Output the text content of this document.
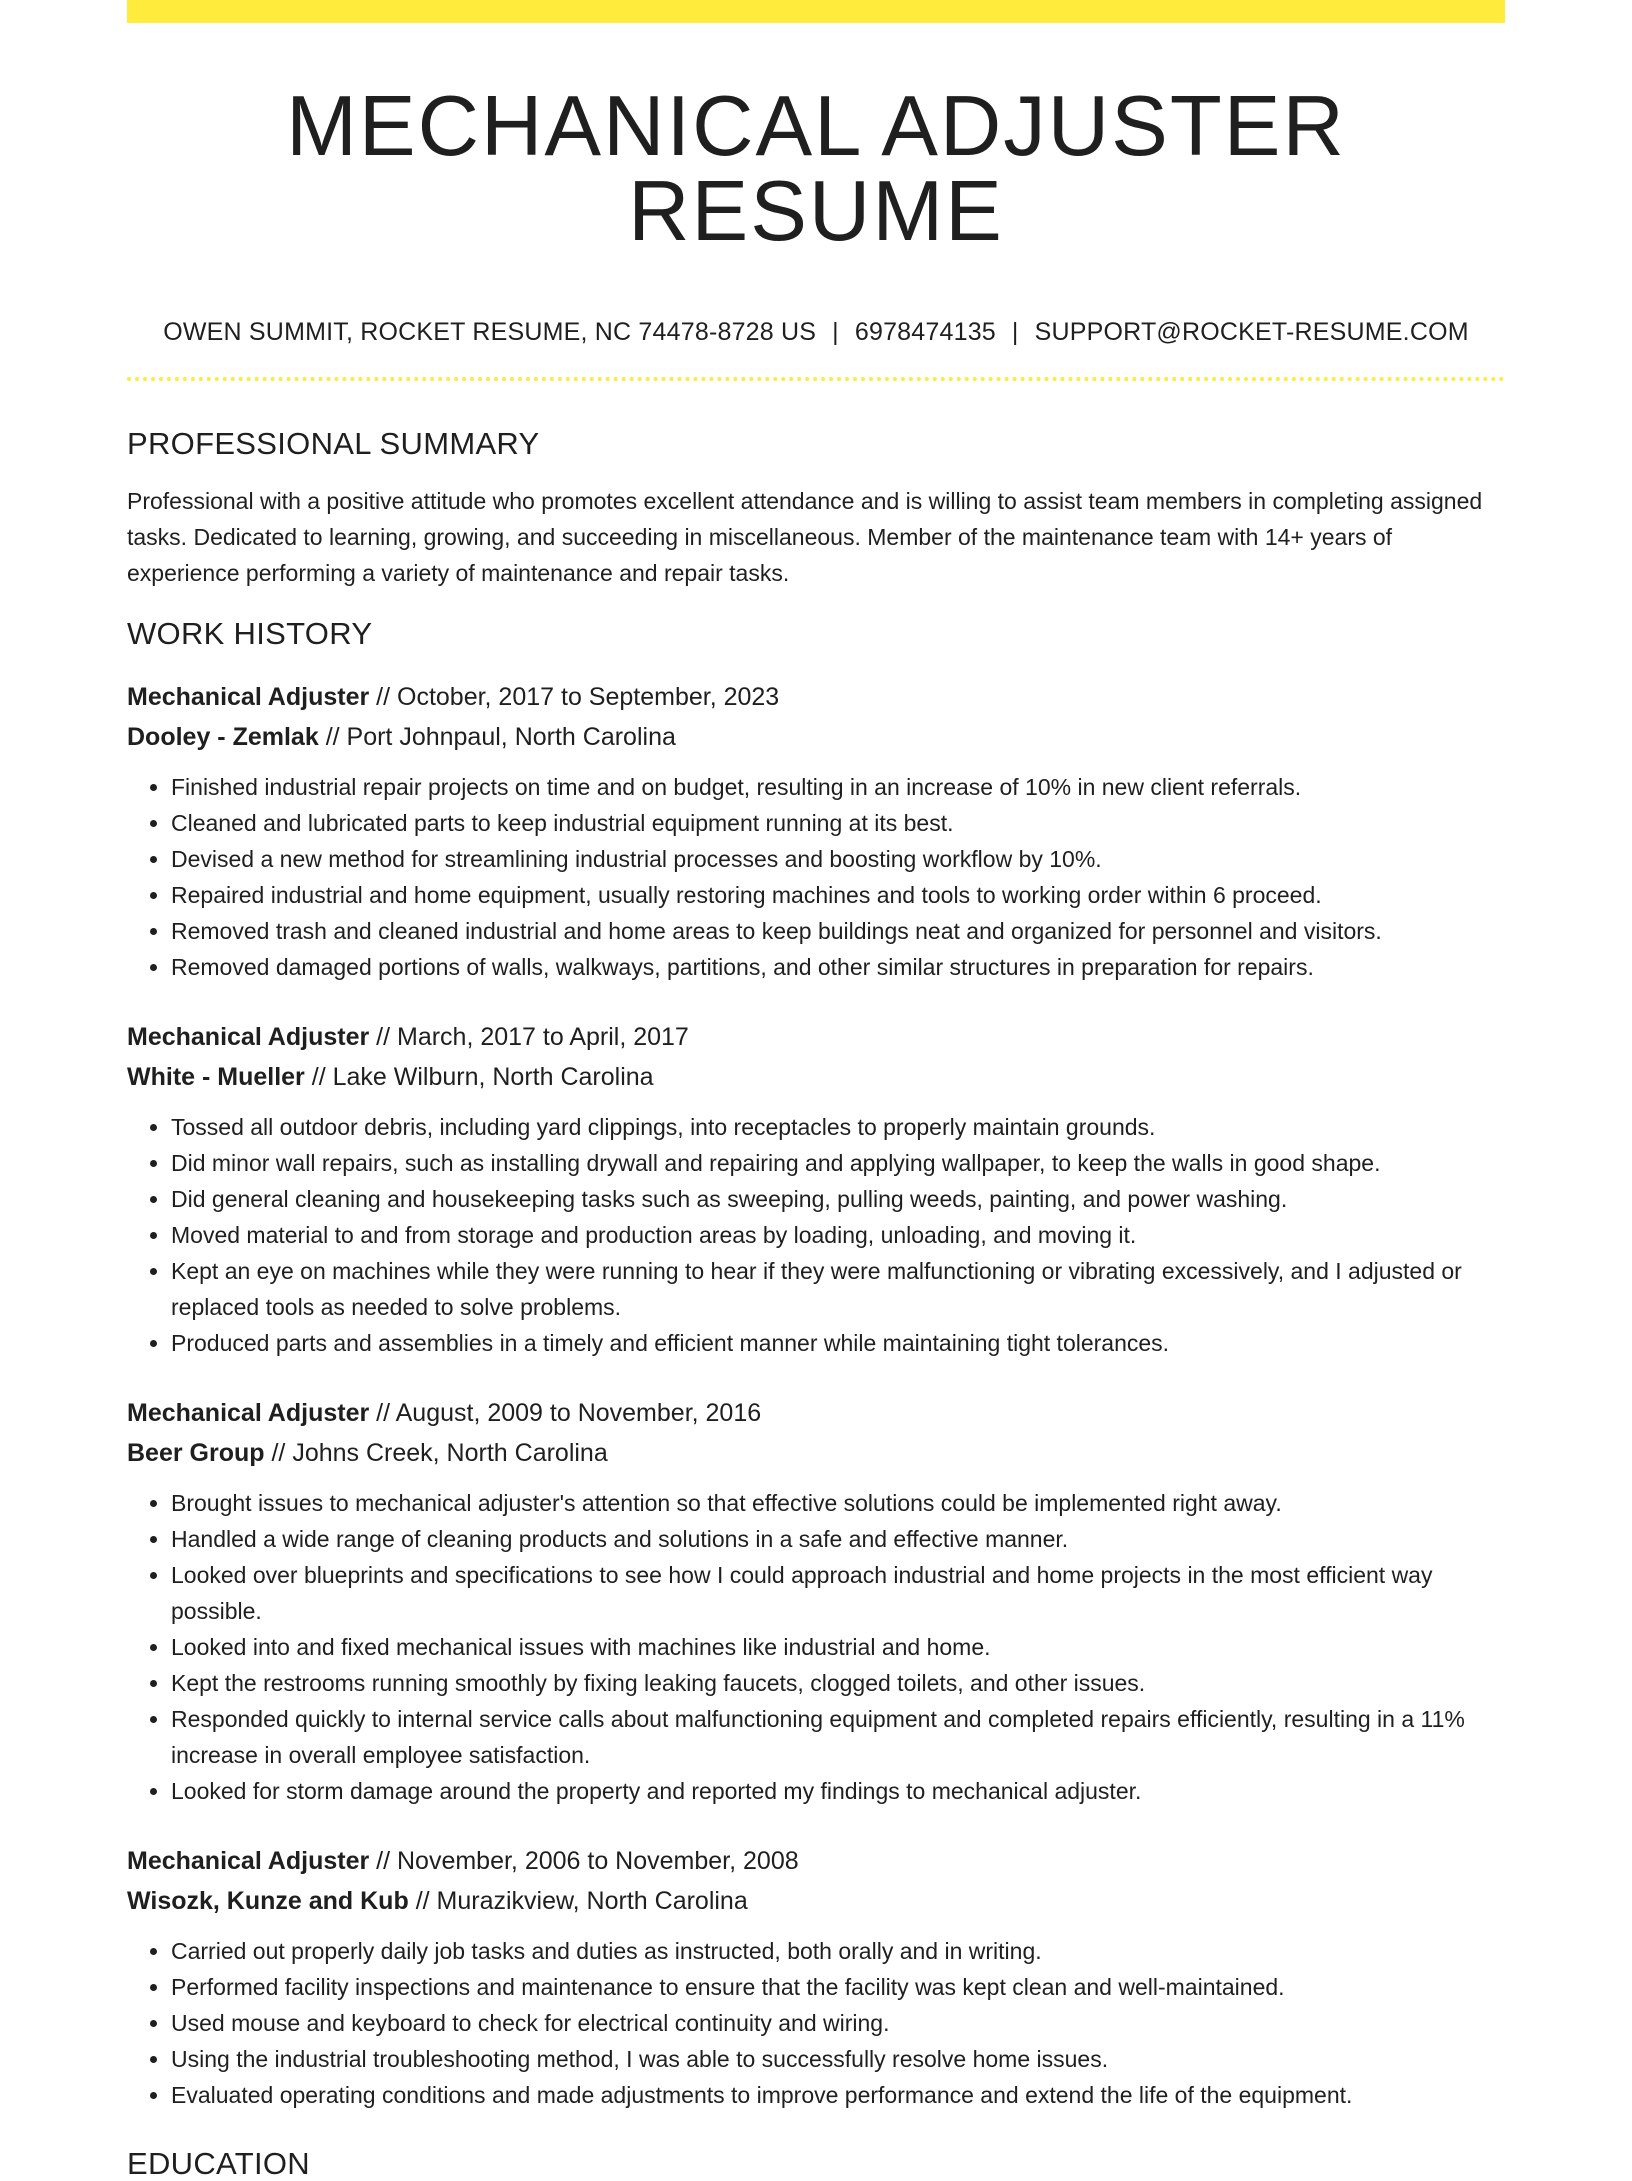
MECHANICAL ADJUSTER RESUME
OWEN SUMMIT, ROCKET RESUME, NC 74478-8728 US | 6978474135 | SUPPORT@ROCKET-RESUME.COM
PROFESSIONAL SUMMARY

Professional with a positive attitude who promotes excellent attendance and is willing to assist team members in completing assigned tasks. Dedicated to learning, growing, and succeeding in miscellaneous. Member of the maintenance team with 14+ years of experience performing a variety of maintenance and repair tasks.

WORK HISTORY

Mechanical Adjuster // October, 2017 to September, 2023

Dooley - Zemlak // Port Johnpaul, North Carolina

• Finished industrial repair projects on time and on budget, resulting in an increase of 10% in new client referrals.
• Cleaned and lubricated parts to keep industrial equipment running at its best.
• Devised a new method for streamlining industrial processes and boosting workflow by 10%.
• Repaired industrial and home equipment, usually restoring machines and tools to working order within 6 proceed.
• Removed trash and cleaned industrial and home areas to keep buildings neat and organized for personnel and visitors.
• Removed damaged portions of walls, walkways, partitions, and other similar structures in preparation for repairs.

Mechanical Adjuster // March, 2017 to April, 2017

White - Mueller // Lake Wilburn, North Carolina

• Tossed all outdoor debris, including yard clippings, into receptacles to properly maintain grounds.
• Did minor wall repairs, such as installing drywall and repairing and applying wallpaper, to keep the walls in good shape.
• Did general cleaning and housekeeping tasks such as sweeping, pulling weeds, painting, and power washing.
• Moved material to and from storage and production areas by loading, unloading, and moving it.
• Kept an eye on machines while they were running to hear if they were malfunctioning or vibrating excessively, and I adjusted or replaced tools as needed to solve problems.
• Produced parts and assemblies in a timely and efficient manner while maintaining tight tolerances.

Mechanical Adjuster // August, 2009 to November, 2016

Beer Group // Johns Creek, North Carolina

• Brought issues to mechanical adjuster's attention so that effective solutions could be implemented right away.
• Handled a wide range of cleaning products and solutions in a safe and effective manner.
• Looked over blueprints and specifications to see how I could approach industrial and home projects in the most efficient way possible.
• Looked into and fixed mechanical issues with machines like industrial and home.
• Kept the restrooms running smoothly by fixing leaking faucets, clogged toilets, and other issues.
• Responded quickly to internal service calls about malfunctioning equipment and completed repairs efficiently, resulting in a 11% increase in overall employee satisfaction.
• Looked for storm damage around the property and reported my findings to mechanical adjuster.

Mechanical Adjuster // November, 2006 to November, 2008

Wisozk, Kunze and Kub // Murazikview, North Carolina

• Carried out properly daily job tasks and duties as instructed, both orally and in writing.
• Performed facility inspections and maintenance to ensure that the facility was kept clean and well-maintained.
• Used mouse and keyboard to check for electrical continuity and wiring.
• Using the industrial troubleshooting method, I was able to successfully resolve home issues.
• Evaluated operating conditions and made adjustments to improve performance and extend the life of the equipment.
EDUCATION
